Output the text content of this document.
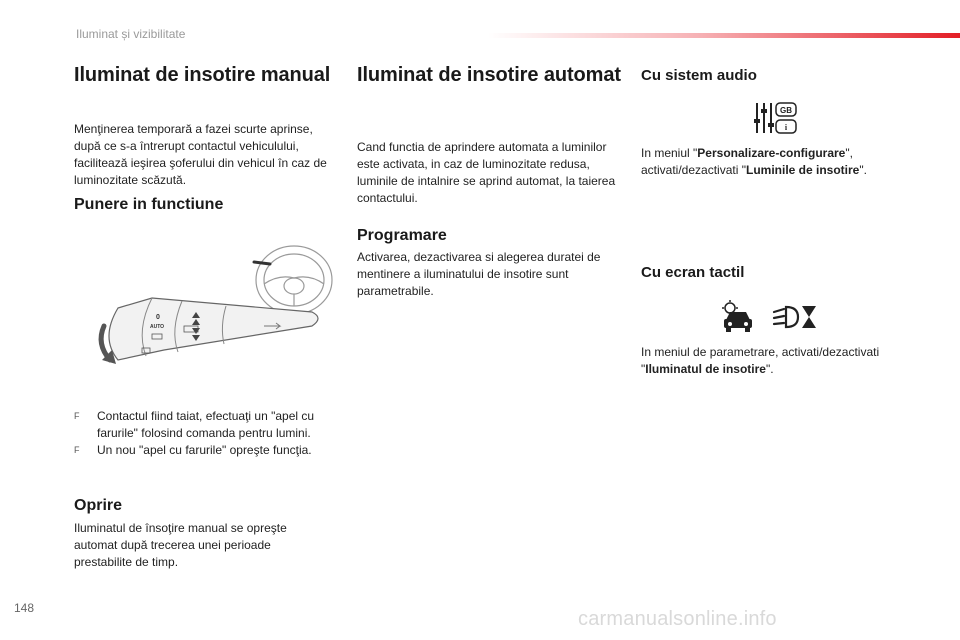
Iluminat și vizibilitate
Iluminat de insotire manual

Menţinerea temporară a fazei scurte aprinse, după ce s-a întrerupt contactul vehiculului, facilitează ieşirea şoferului din vehicul în caz de luminozitate scăzută.

Punere in functiune
0
AUTO
F Contactul fiind taiat, efectuaţi un "apel cu farurile" folosind comanda pentru lumini.
F Un nou "apel cu farurile" opreşte funcţia.
Oprire

Iluminatul de însoţire manual se opreşte automat după trecerea unei perioade prestabilite de timp.

Iluminat de insotire automat

Cand functia de aprindere automata a luminilor este activata, in caz de luminozitate redusa, luminile de intalnire se aprind automat, la taierea contactului.

Programare

Activarea, dezactivarea si alegerea duratei de mentinere a iluminatului de insotire sunt parametrabile.

Cu sistem audio
GB
i

In meniul "Personalizare-configurare", activati/dezactivati "Luminile de insotire".

Cu ecran tactil

In meniul de parametrare, activati/dezactivati "Iluminatul de insotire".

148	carmanualsonline.info
